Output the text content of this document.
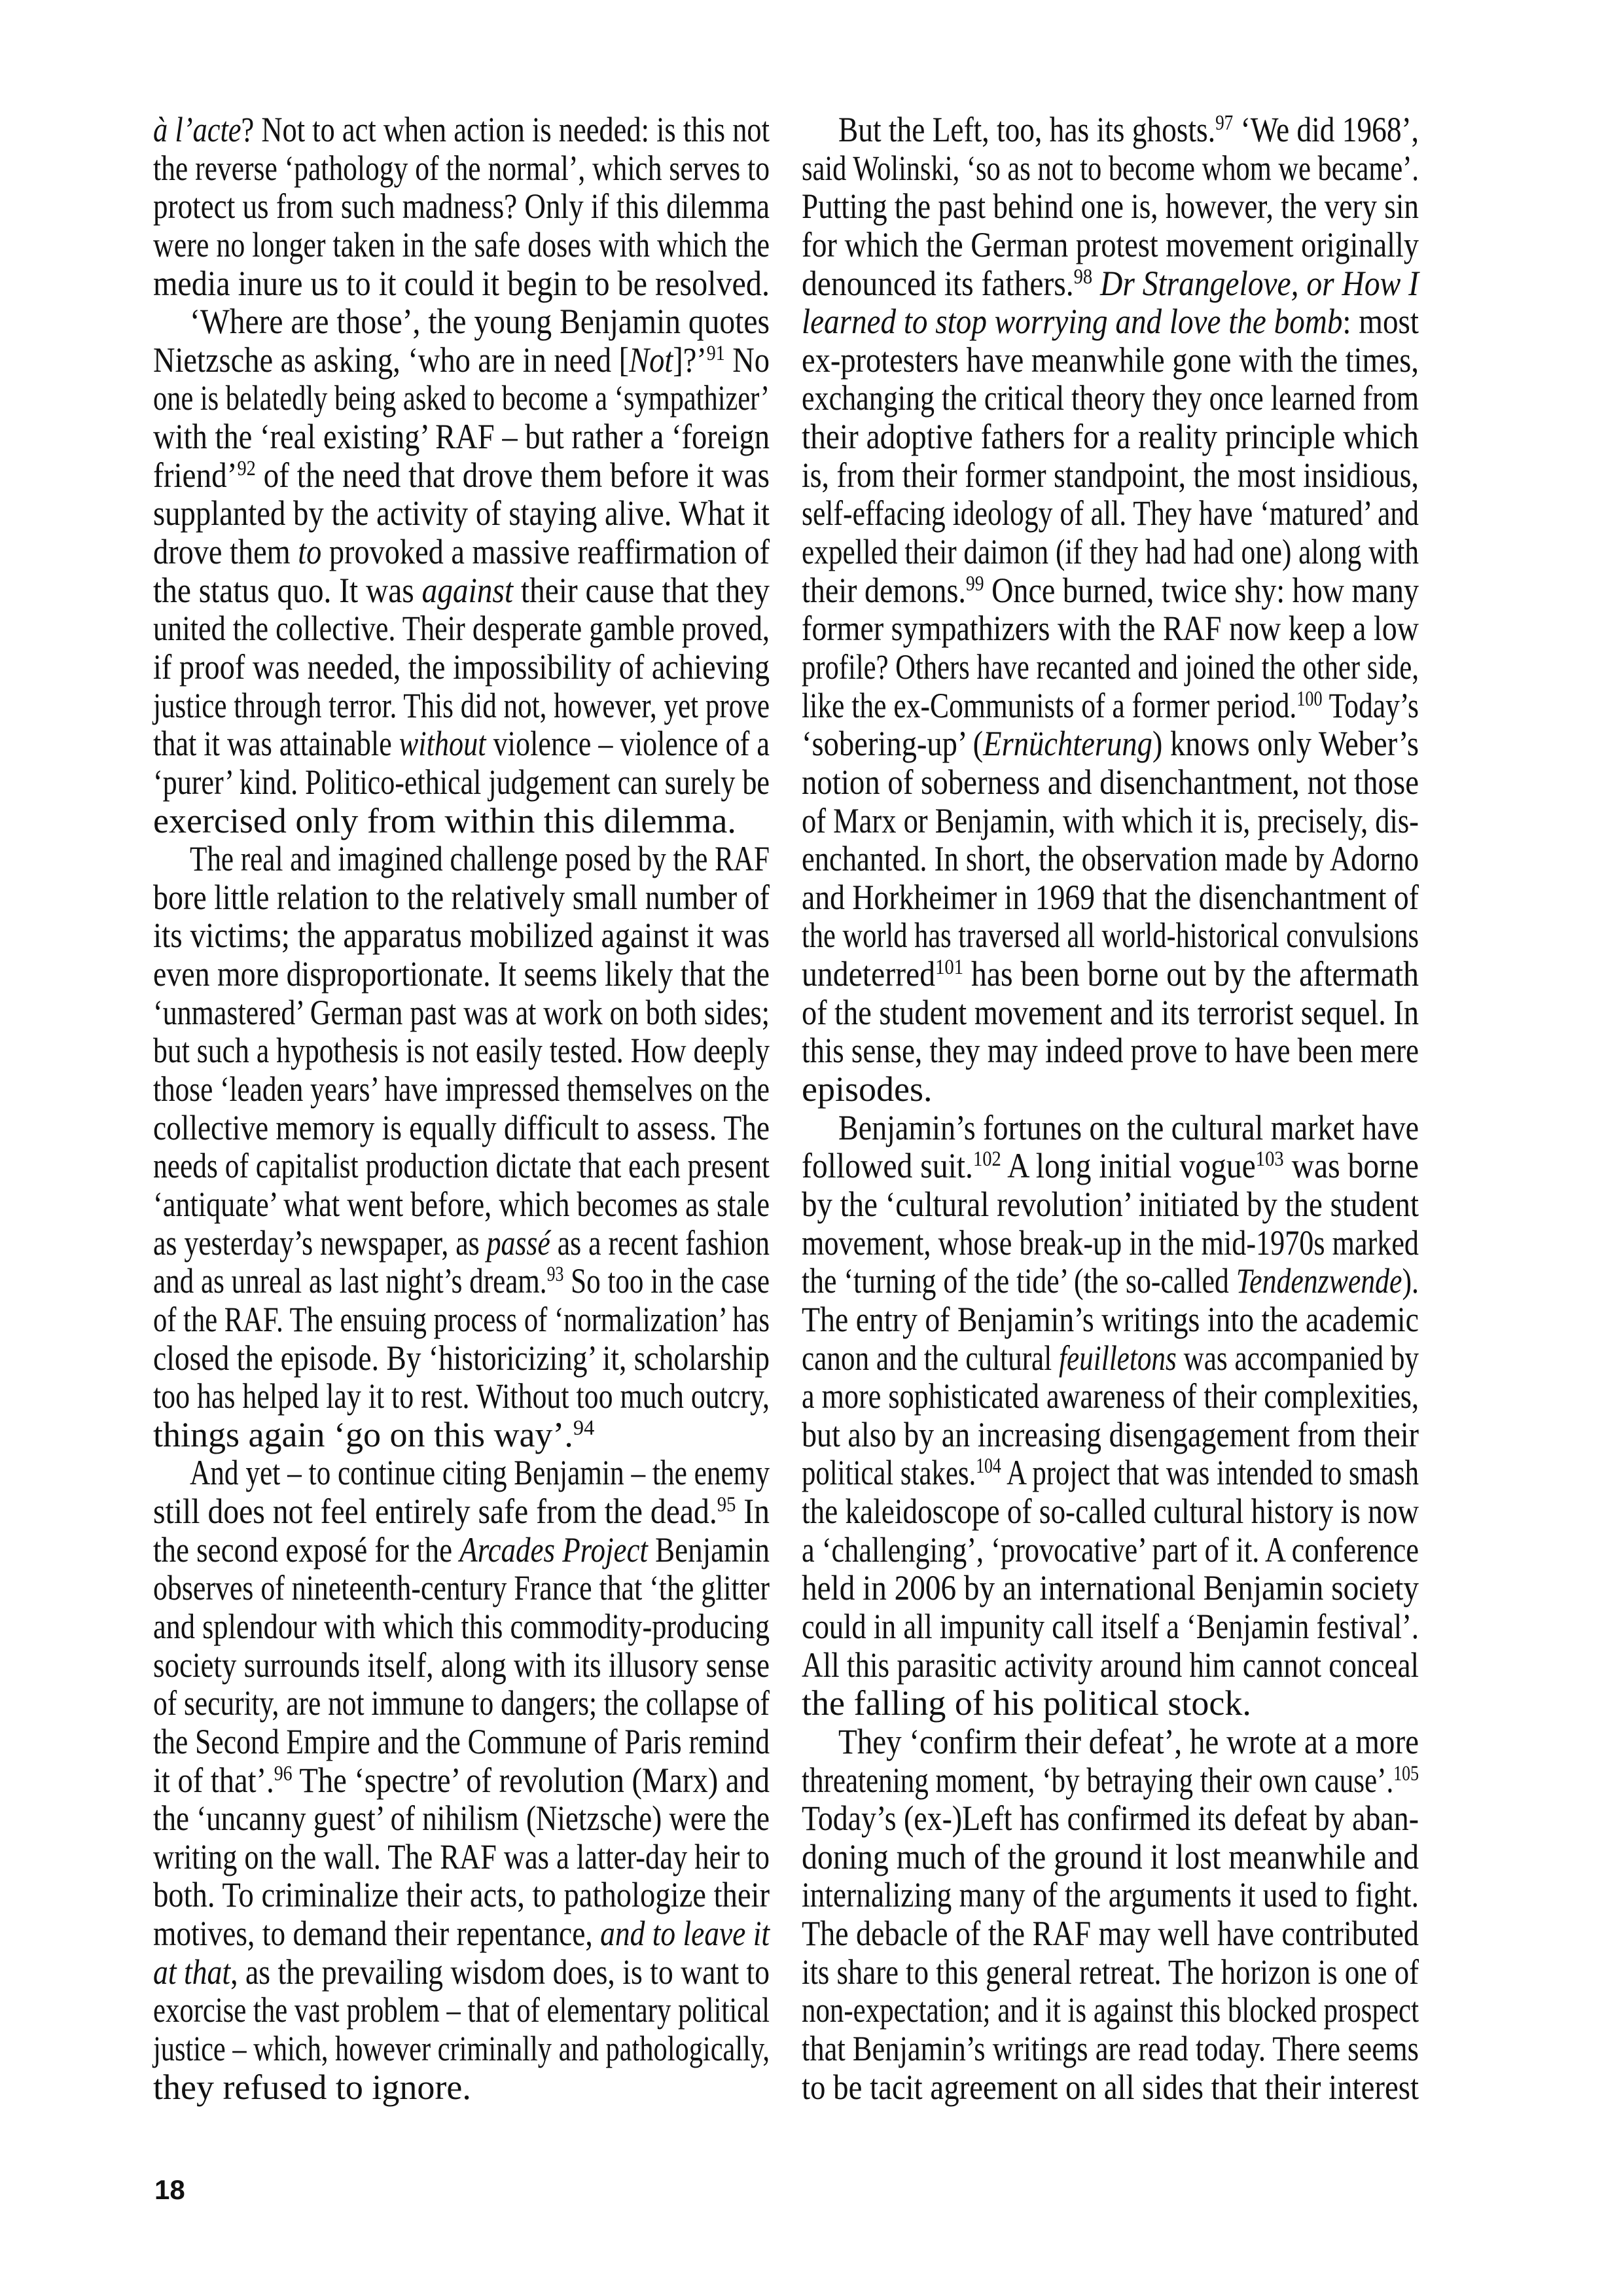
à l’acte? Not to act when action is needed: is this not
the reverse ‘pathology of the normal’, which serves to
protect us from such madness? Only if this dilemma
were no longer taken in the safe doses with which the
media inure us to it could it begin to be resolved.
‘Where are those’, the young Benjamin quotes
Nietzsche as asking, ‘who are in need [Not]?’$^{91}$ No
one is belatedly being asked to become a ‘sympathizer’
with the ‘real existing’ RAF – but rather a ‘foreign
friend’$^{92}$ of the need that drove them before it was
supplanted by the activity of staying alive. What it
drove them to provoked a massive reaffirmation of
the status quo. It was against their cause that they
united the collective. Their desperate gamble proved,
if proof was needed, the impossibility of achieving
justice through terror. This did not, however, yet prove
that it was attainable without violence – violence of a
‘purer’ kind. Politico-ethical judgement can surely be
exercised only from within this dilemma.
The real and imagined challenge posed by the RAF
bore little relation to the relatively small number of
its victims; the apparatus mobilized against it was
even more disproportionate. It seems likely that the
‘unmastered’ German past was at work on both sides;
but such a hypothesis is not easily tested. How deeply
those ‘leaden years’ have impressed themselves on the
collective memory is equally difficult to assess. The
needs of capitalist production dictate that each present
‘antiquate’ what went before, which becomes as stale
as yesterday’s newspaper, as passé as a recent fashion
and as unreal as last night’s dream.$^{93}$ So too in the case
of the RAF. The ensuing process of ‘normalization’ has
closed the episode. By ‘historicizing’ it, scholarship
too has helped lay it to rest. Without too much outcry,
things again ‘go on this way’.$^{94}$
And yet – to continue citing Benjamin – the enemy
still does not feel entirely safe from the dead.$^{95}$ In
the second exposé for the Arcades Project Benjamin
observes of nineteenth-century France that ‘the glitter
and splendour with which this commodity-producing
society surrounds itself, along with its illusory sense
of security, are not immune to dangers; the collapse of
the Second Empire and the Commune of Paris remind
it of that’.$^{96}$ The ‘spectre’ of revolution (Marx) and
the ‘uncanny guest’ of nihilism (Nietzsche) were the
writing on the wall. The RAF was a latter-day heir to
both. To criminalize their acts, to pathologize their
motives, to demand their repentance, and to leave it
at that, as the prevailing wisdom does, is to want to
exorcise the vast problem – that of elementary political
justice – which, however criminally and pathologically,
they refused to ignore.
But the Left, too, has its ghosts.$^{97}$ ‘We did 1968’,
said Wolinski, ‘so as not to become whom we became’.
Putting the past behind one is, however, the very sin
for which the German protest movement originally
denounced its fathers.$^{98}$ Dr Strangelove, or How I
learned to stop worrying and love the bomb: most
ex-protesters have meanwhile gone with the times,
exchanging the critical theory they once learned from
their adoptive fathers for a reality principle which
is, from their former standpoint, the most insidious,
self-effacing ideology of all. They have ‘matured’ and
expelled their daimon (if they had had one) along with
their demons.$^{99}$ Once burned, twice shy: how many
former sympathizers with the RAF now keep a low
profile? Others have recanted and joined the other side,
like the ex-Communists of a former period.$^{100}$ Today’s
‘sobering-up’ (Ernüchterung) knows only Weber’s
notion of soberness and disenchantment, not those
of Marx or Benjamin, with which it is, precisely, dis-
enchanted. In short, the observation made by Adorno
and Horkheimer in 1969 that the disenchantment of
the world has traversed all world-historical convulsions
undeterred$^{101}$ has been borne out by the aftermath
of the student movement and its terrorist sequel. In
this sense, they may indeed prove to have been mere
episodes.
Benjamin’s fortunes on the cultural market have
followed suit.$^{102}$ A long initial vogue$^{103}$ was borne
by the ‘cultural revolution’ initiated by the student
movement, whose break-up in the mid-1970s marked
the ‘turning of the tide’ (the so-called Tendenzwende).
The entry of Benjamin’s writings into the academic
canon and the cultural feuilletons was accompanied by
a more sophisticated awareness of their complexities,
but also by an increasing disengagement from their
political stakes.$^{104}$ A project that was intended to smash
the kaleidoscope of so-called cultural history is now
a ‘challenging’, ‘provocative’ part of it. A conference
held in 2006 by an international Benjamin society
could in all impunity call itself a ‘Benjamin festival’.
All this parasitic activity around him cannot conceal
the falling of his political stock.
They ‘confirm their defeat’, he wrote at a more
threatening moment, ‘by betraying their own cause’.$^{105}$
Today’s (ex-)Left has confirmed its defeat by aban-
doning much of the ground it lost meanwhile and
internalizing many of the arguments it used to fight.
The debacle of the RAF may well have contributed
its share to this general retreat. The horizon is one of
non-expectation; and it is against this blocked prospect
that Benjamin’s writings are read today. There seems
to be tacit agreement on all sides that their interest
18
